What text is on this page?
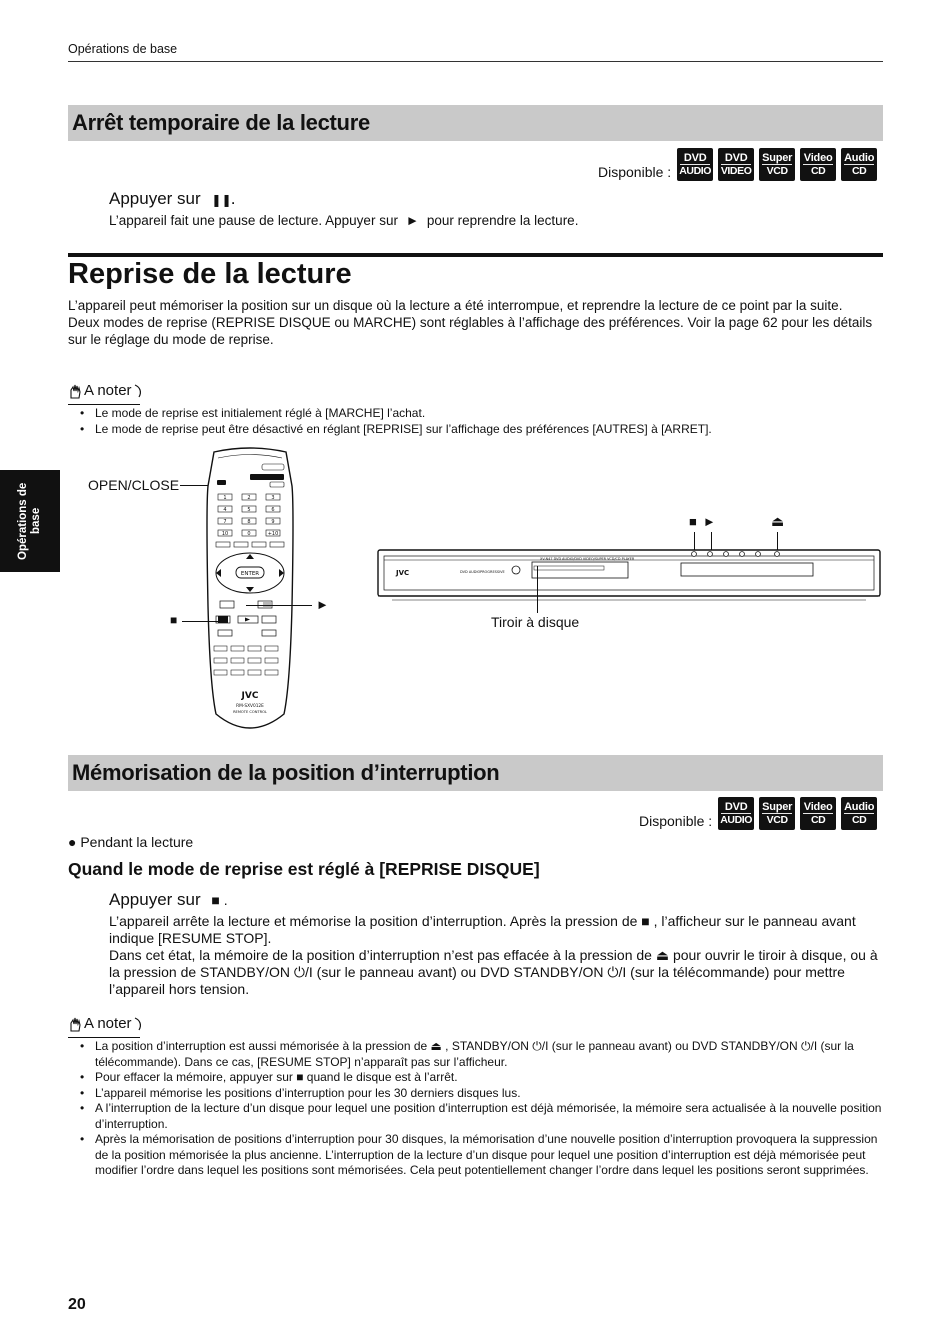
Opérations de base
Opérations de base
Arrêt temporaire de la lecture
Disponible :
DVD
AUDIO
DVD
VIDEO
Super
VCD
Video
CD
Audio
CD
Appuyer sur ❚❚.
L’appareil fait une pause de lecture. Appuyer sur ► pour reprendre la lecture.
Reprise de la lecture
L’appareil peut mémoriser la position sur un disque où la lecture a été interrompue, et reprendre la lecture de ce point par la suite.
Deux modes de reprise (REPRISE DISQUE ou MARCHE) sont réglables à l’affichage des préférences. Voir la page 62 pour les détails sur le réglage du mode de reprise.
A noter
• Le mode de reprise est initialement réglé à [MARCHE] l’achat.
• Le mode de reprise peut être désactivé en réglant [REPRISE] sur l’affichage des préférences [AUTRES] à [ARRET].
OPEN/CLOSE
1	2	3
4	5	6
7	8	9
10	0	+10
ENTER
JVC
RM-SXV012E
REMOTE CONTROL
■
►
■ ►	⏏
JVC	DVD AUDIO PROGRESSIVE
XV-N47 DVD AUDIO/DVD VIDEO/SUPER VCD/CD PLAYER
Tiroir à disque
Mémorisation de la position d’interruption
Disponible :
DVD
AUDIO
Super
VCD
Video
CD
Audio
CD
● Pendant la lecture
Quand le mode de reprise est réglé à [REPRISE DISQUE]
Appuyer sur ■ .
L’appareil arrête la lecture et mémorise la position d’interruption. Après la pression de ■ , l’afficheur sur le panneau avant indique [RESUME STOP].
Dans cet état, la mémoire de la position d’interruption n’est pas effacée à la pression de ⏏ pour ouvrir le tiroir à disque, ou à la pression de STANDBY/ON ⏻/I (sur le panneau avant) ou DVD STANDBY/ON ⏻/I (sur la télécommande) pour mettre l’appareil hors tension.
A noter
• La position d’interruption est aussi mémorisée à la pression de ⏏ , STANDBY/ON ⏻/I (sur le panneau avant) ou DVD STANDBY/ON ⏻/I (sur la télécommande). Dans ce cas, [RESUME STOP] n’apparaît pas sur l’afficheur.
• Pour effacer la mémoire, appuyer sur ■ quand le disque est à l’arrêt.
• L’appareil mémorise les positions d’interruption pour les 30 derniers disques lus.
• A l’interruption de la lecture d’un disque pour lequel une position d’interruption est déjà mémorisée, la mémoire sera actualisée à la nouvelle position d’interruption.
• Après la mémorisation de positions d’interruption pour 30 disques, la mémorisation d’une nouvelle position d’interruption provoquera la suppression de la position mémorisée la plus ancienne. L’interruption de la lecture d’un disque pour lequel une position d’interruption est déjà mémorisée peut modifier l’ordre dans lequel les positions sont mémorisées. Cela peut potentiellement changer l’ordre dans lequel les positions seront supprimées.
20
